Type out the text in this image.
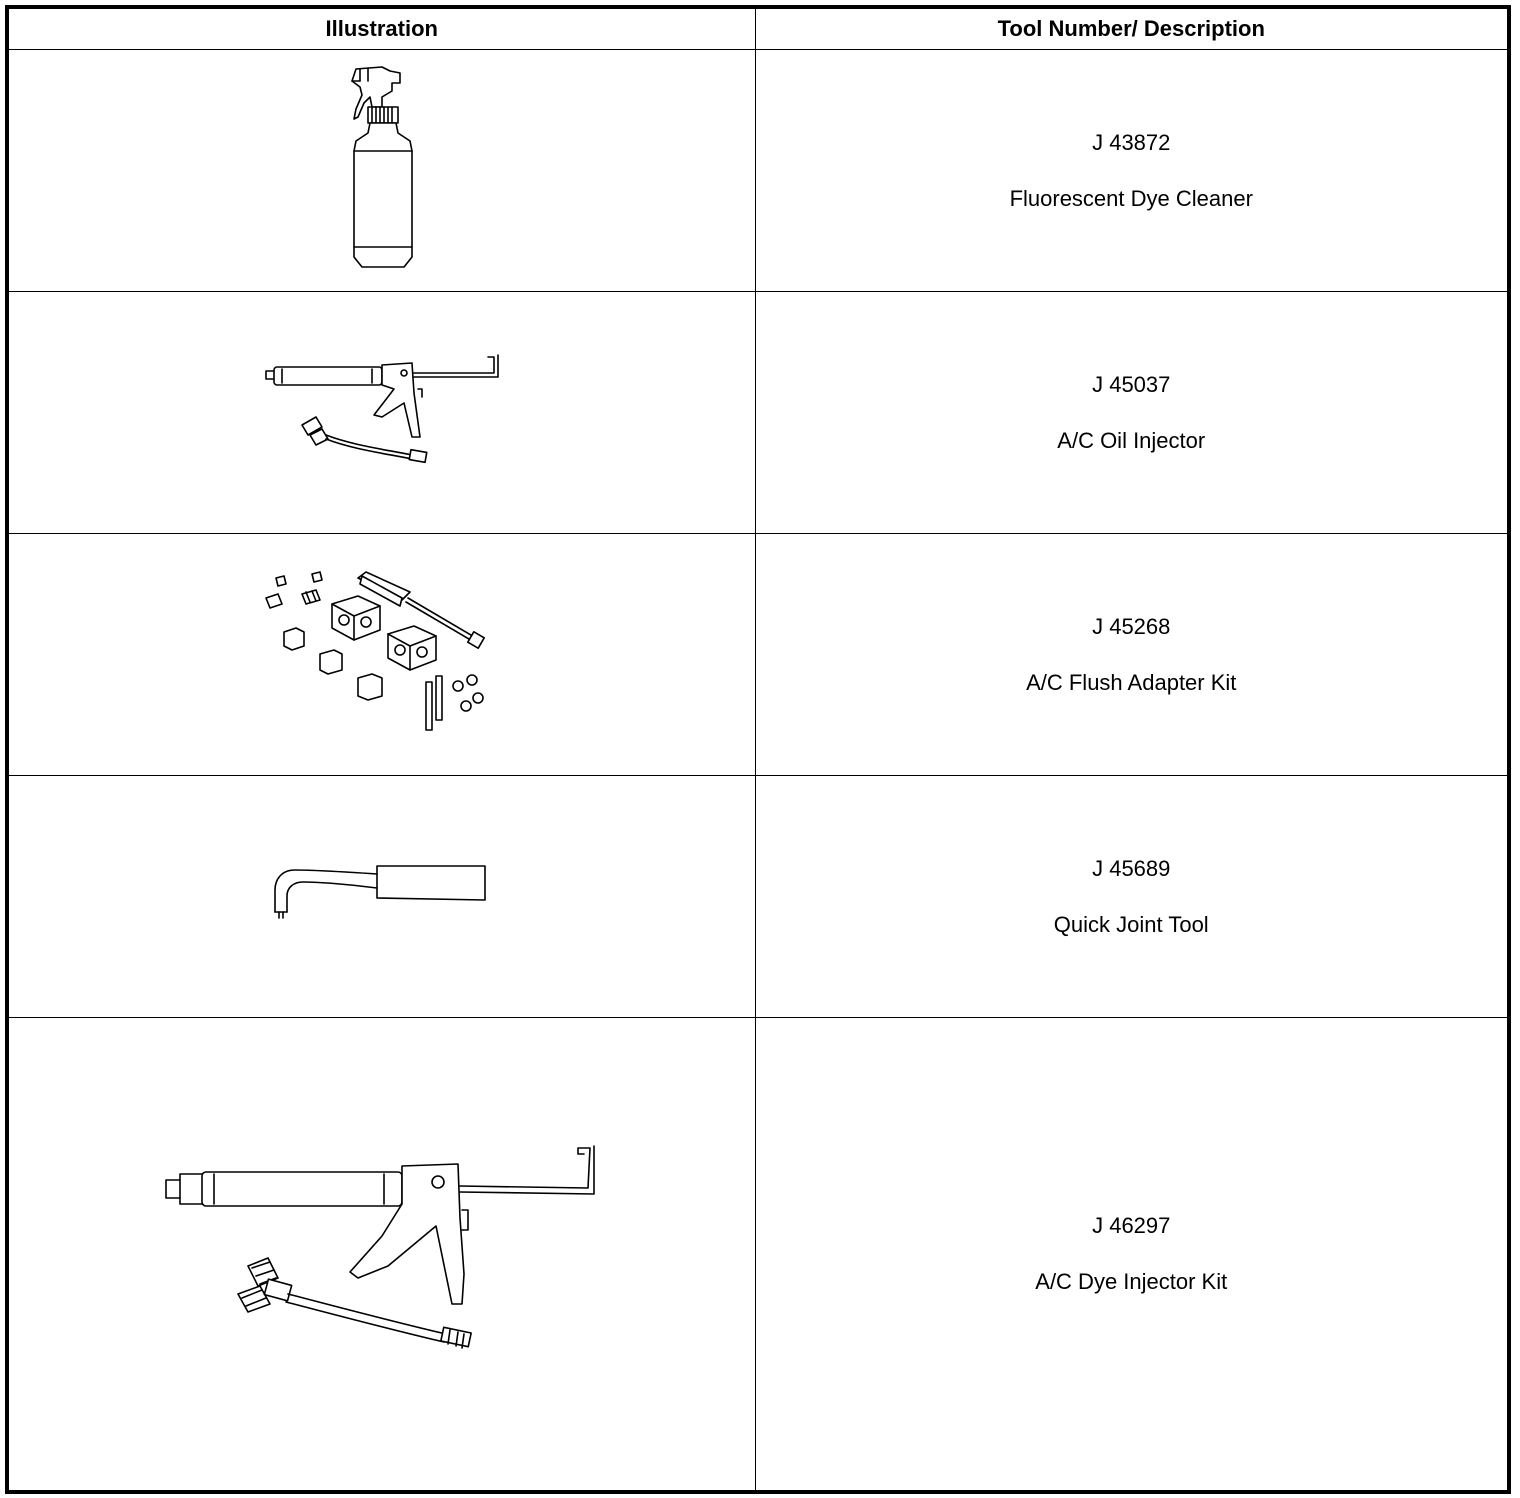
Illustration	Tool Number/ Description

J 43872
Fluorescent Dye Cleaner

J 45037
A/C Oil Injector

J 45268
A/C Flush Adapter Kit

J 45689
Quick Joint Tool

J 46297
A/C Dye Injector Kit
